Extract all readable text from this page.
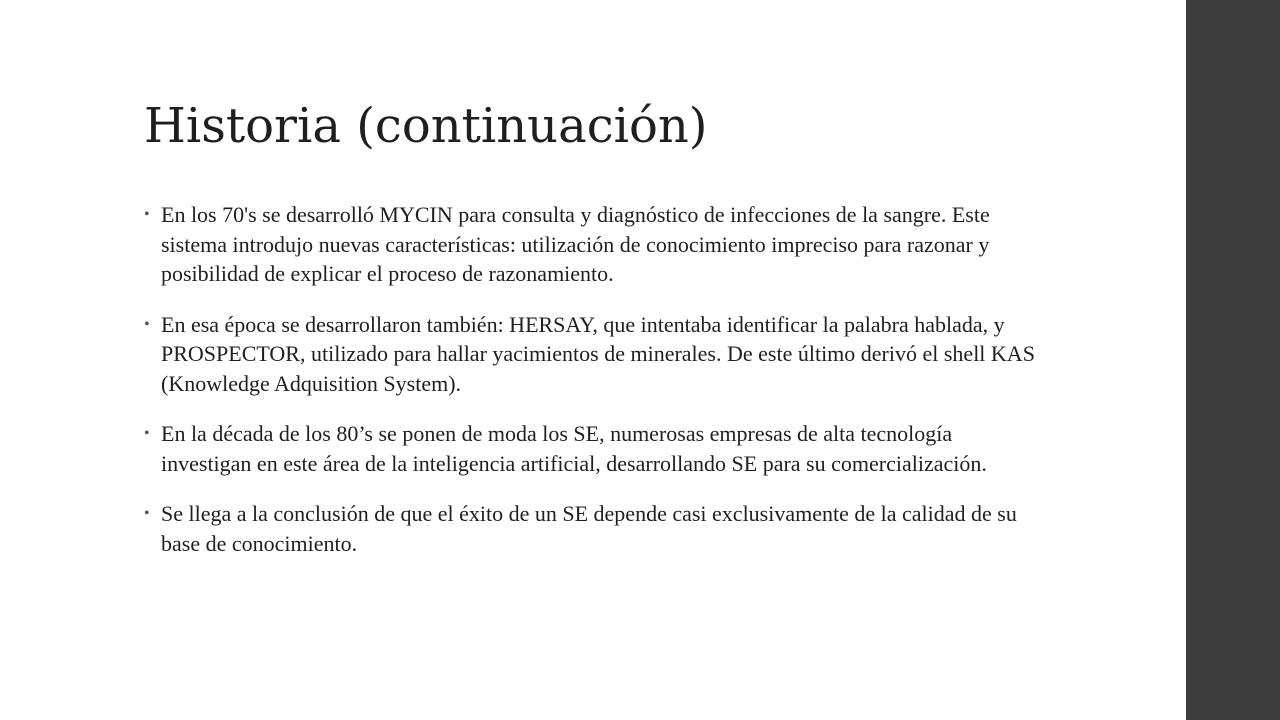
Historia (continuación)
• En los 70's se desarrolló MYCIN para consulta y diagnóstico de infecciones de la sangre. Este sistema introdujo nuevas características: utilización de conocimiento impreciso para razonar y posibilidad de explicar el proceso de razonamiento.
• En esa época se desarrollaron también: HERSAY, que intentaba identificar la palabra hablada, y PROSPECTOR, utilizado para hallar yacimientos de minerales. De este último derivó el shell KAS (Knowledge Adquisition System).
• En la década de los 80’s se ponen de moda los SE, numerosas empresas de alta tecnología investigan en este área de la inteligencia artificial, desarrollando SE para su comercialización.
• Se llega a la conclusión de que el éxito de un SE depende casi exclusivamente de la calidad de su base de conocimiento.
